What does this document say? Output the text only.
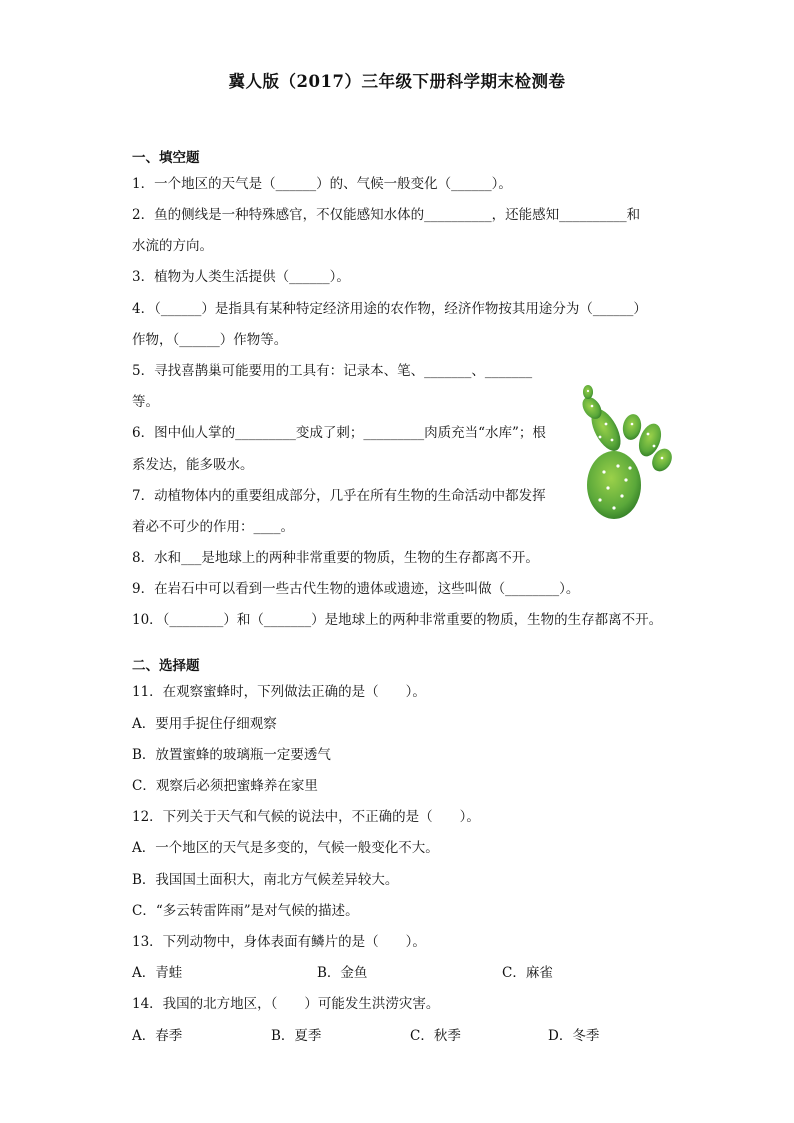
冀人版（2017）三年级下册科学期末检测卷
一、填空题
1．一个地区的天气是（______）的、气候一般变化（______）。
2．鱼的侧线是一种特殊感官，不仅能感知水体的__________，还能感知__________和
水流的方向。
3．植物为人类生活提供（______）。
4．（______）是指具有某种特定经济用途的农作物，经济作物按其用途分为（______）
作物，（______）作物等。
5．寻找喜鹊巢可能要用的工具有：记录本、笔、_______、_______
等。
6．图中仙人掌的_________变成了刺；_________肉质充当“水库”；根
系发达，能多吸水。
7．动植物体内的重要组成部分，几乎在所有生物的生命活动中都发挥
着必不可少的作用：____。
8．水和___是地球上的两种非常重要的物质，生物的生存都离不开。
9．在岩石中可以看到一些古代生物的遗体或遗迹，这些叫做（________）。
10．（________）和（_______）是地球上的两种非常重要的物质，生物的生存都离不开。
二、选择题
11．在观察蜜蜂时，下列做法正确的是（　　）。
A．要用手捉住仔细观察
B．放置蜜蜂的玻璃瓶一定要透气
C．观察后必须把蜜蜂养在家里
12．下列关于天气和气候的说法中，不正确的是（　　）。
A．一个地区的天气是多变的，气候一般变化不大。
B．我国国土面积大，南北方气候差异较大。
C．“多云转雷阵雨”是对气候的描述。
13．下列动物中，身体表面有鳞片的是（　　）。
A．青蛙	B．金鱼	C．麻雀
14．我国的北方地区，（　　）可能发生洪涝灾害。
A．春季	B．夏季	C．秋季	D．冬季
